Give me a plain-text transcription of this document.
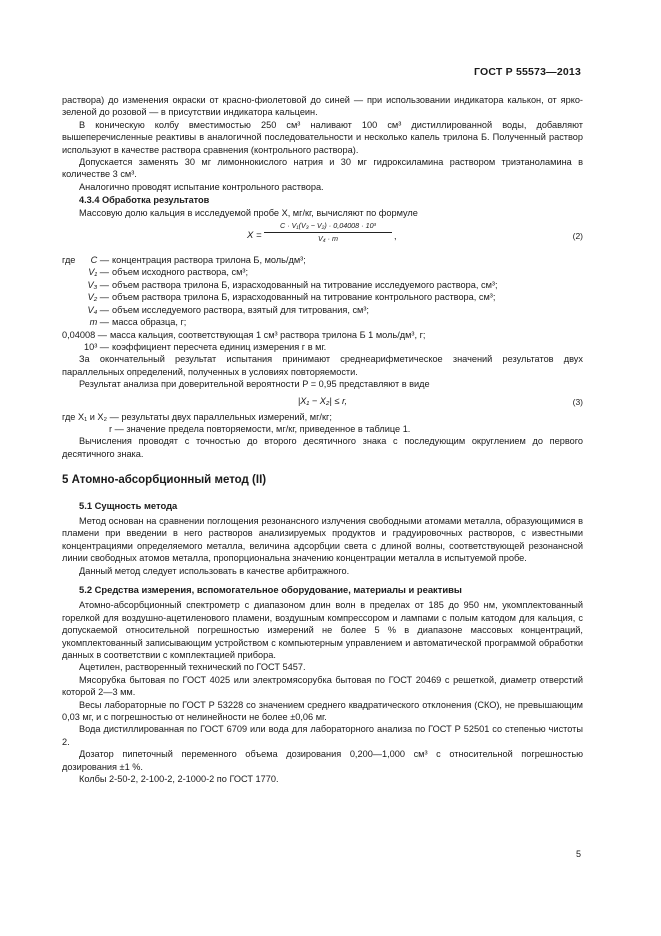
ГОСТ Р 55573—2013

раствора) до изменения окраски от красно-фиолетовой до синей — при использовании индикатора калькон, от ярко-зеленой до розовой — в присутствии индикатора кальцеин.

В коническую колбу вместимостью 250 см³ наливают 100 см³ дистиллированной воды, добавляют вышеперечисленные реактивы в аналогичной последовательности и несколько капель трилона Б. Полученный раствор используют в качестве раствора сравнения (контрольного раствора).

Допускается заменять 30 мг лимоннокислого натрия и 30 мг гидроксиламина раствором триэтаноламина в количестве 3 см³.

Аналогично проводят испытание контрольного раствора.

4.3.4 Обработка результатов

Массовую долю кальция в исследуемой пробе X, мг/кг, вычисляют по формуле

$X = \frac{\text{C · V₁(V₃ − V₂) · 0,04008 · 10³}}{\text{V₄ · m}}$ ,	(2)
где	C — концентрация раствора трилона Б, моль/дм³;
V₁ — объем исходного раствора, см³;
V₃ — объем раствора трилона Б, израсходованный на титрование исследуемого раствора, см³;
V₂ — объем раствора трилона Б, израсходованный на титрование контрольного раствора, см³;
V₄ — объем исследуемого раствора, взятый для титрования, см³;
m — масса образца, г;
0,04008 — масса кальция, соответствующая 1 см³ раствора трилона Б 1 моль/дм³, г;
10³ — коэффициент пересчета единиц измерения г в мг.

За окончательный результат испытания принимают среднеарифметическое значений результатов двух параллельных определений, полученных в условиях повторяемости.

Результат анализа при доверительной вероятности P = 0,95 представляют в виде

|X₁ − X₂| ≤ r,	(3)

где X₁ и X₂ — результаты двух параллельных измерений, мг/кг;

r — значение предела повторяемости, мг/кг, приведенное в таблице 1.

Вычисления проводят с точностью до второго десятичного знака с последующим округлением до первого десятичного знака.

5 Атомно-абсорбционный метод (II)
5.1 Сущность метода

Метод основан на сравнении поглощения резонансного излучения свободными атомами металла, образующимися в пламени при введении в него растворов анализируемых продуктов и градуировочных растворов, с известными концентрациями определяемого металла, величина адсорбции света с длиной волны, соответствующей резонансной линии свободных атомов металла, пропорциональна значению концентрации металла в испытуемой пробе.

Данный метод следует использовать в качестве арбитражного.

5.2 Средства измерения, вспомогательное оборудование, материалы и реактивы

Атомно-абсорбционный спектрометр с диапазоном длин волн в пределах от 185 до 950 нм, укомплектованный горелкой для воздушно-ацетиленового пламени, воздушным компрессором и лампами с полым катодом для кальция, с допускаемой относительной погрешностью измерений не более 5 % в диапазоне массовых концентраций, укомплектованный записывающим устройством с компьютерным управлением и автоматической программой обработки данных в соответствии с комплектацией прибора.

Ацетилен, растворенный технический по ГОСТ 5457.

Мясорубка бытовая по ГОСТ 4025 или электромясорубка бытовая по ГОСТ 20469 с решеткой, диаметр отверстий которой 2—3 мм.

Весы лабораторные по ГОСТ Р 53228 со значением среднего квадратического отклонения (СКО), не превышающим 0,03 мг, и с погрешностью от нелинейности не более ±0,06 мг.

Вода дистиллированная по ГОСТ 6709 или вода для лабораторного анализа по ГОСТ Р 52501 со степенью чистоты 2.

Дозатор пипеточный переменного объема дозирования 0,200—1,000 см³ с относительной погрешностью дозирования ±1 %.

Колбы 2-50-2, 2-100-2, 2-1000-2 по ГОСТ 1770.

5
